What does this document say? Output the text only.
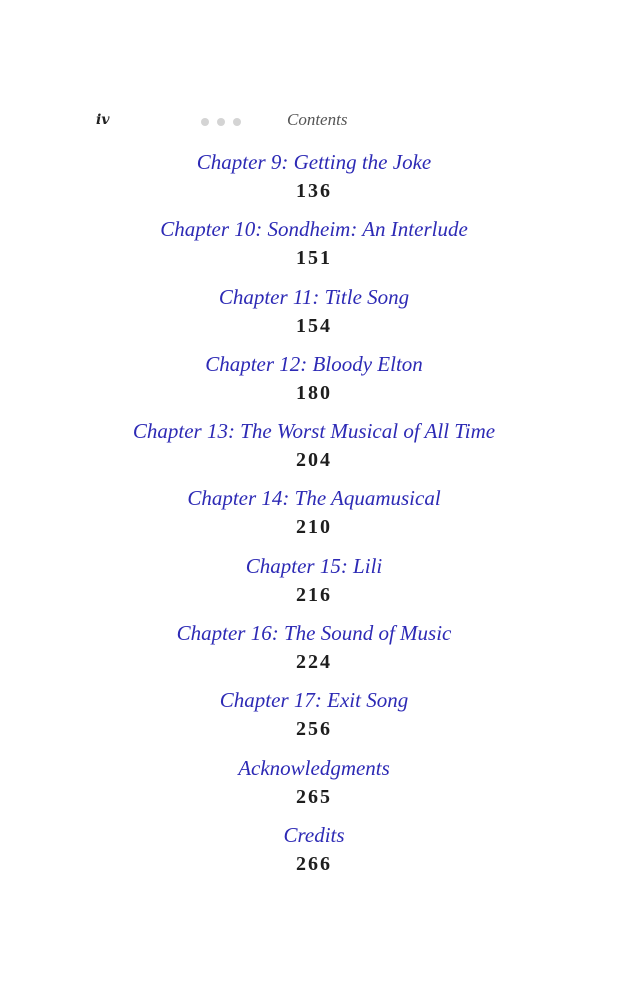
iv	Contents
Chapter 9: Getting the Joke
136
Chapter 10: Sondheim: An Interlude
151
Chapter 11: Title Song
154
Chapter 12: Bloody Elton
180
Chapter 13: The Worst Musical of All Time
204
Chapter 14: The Aquamusical
210
Chapter 15: Lili
216
Chapter 16: The Sound of Music
224
Chapter 17: Exit Song
256
Acknowledgments
265
Credits
266
